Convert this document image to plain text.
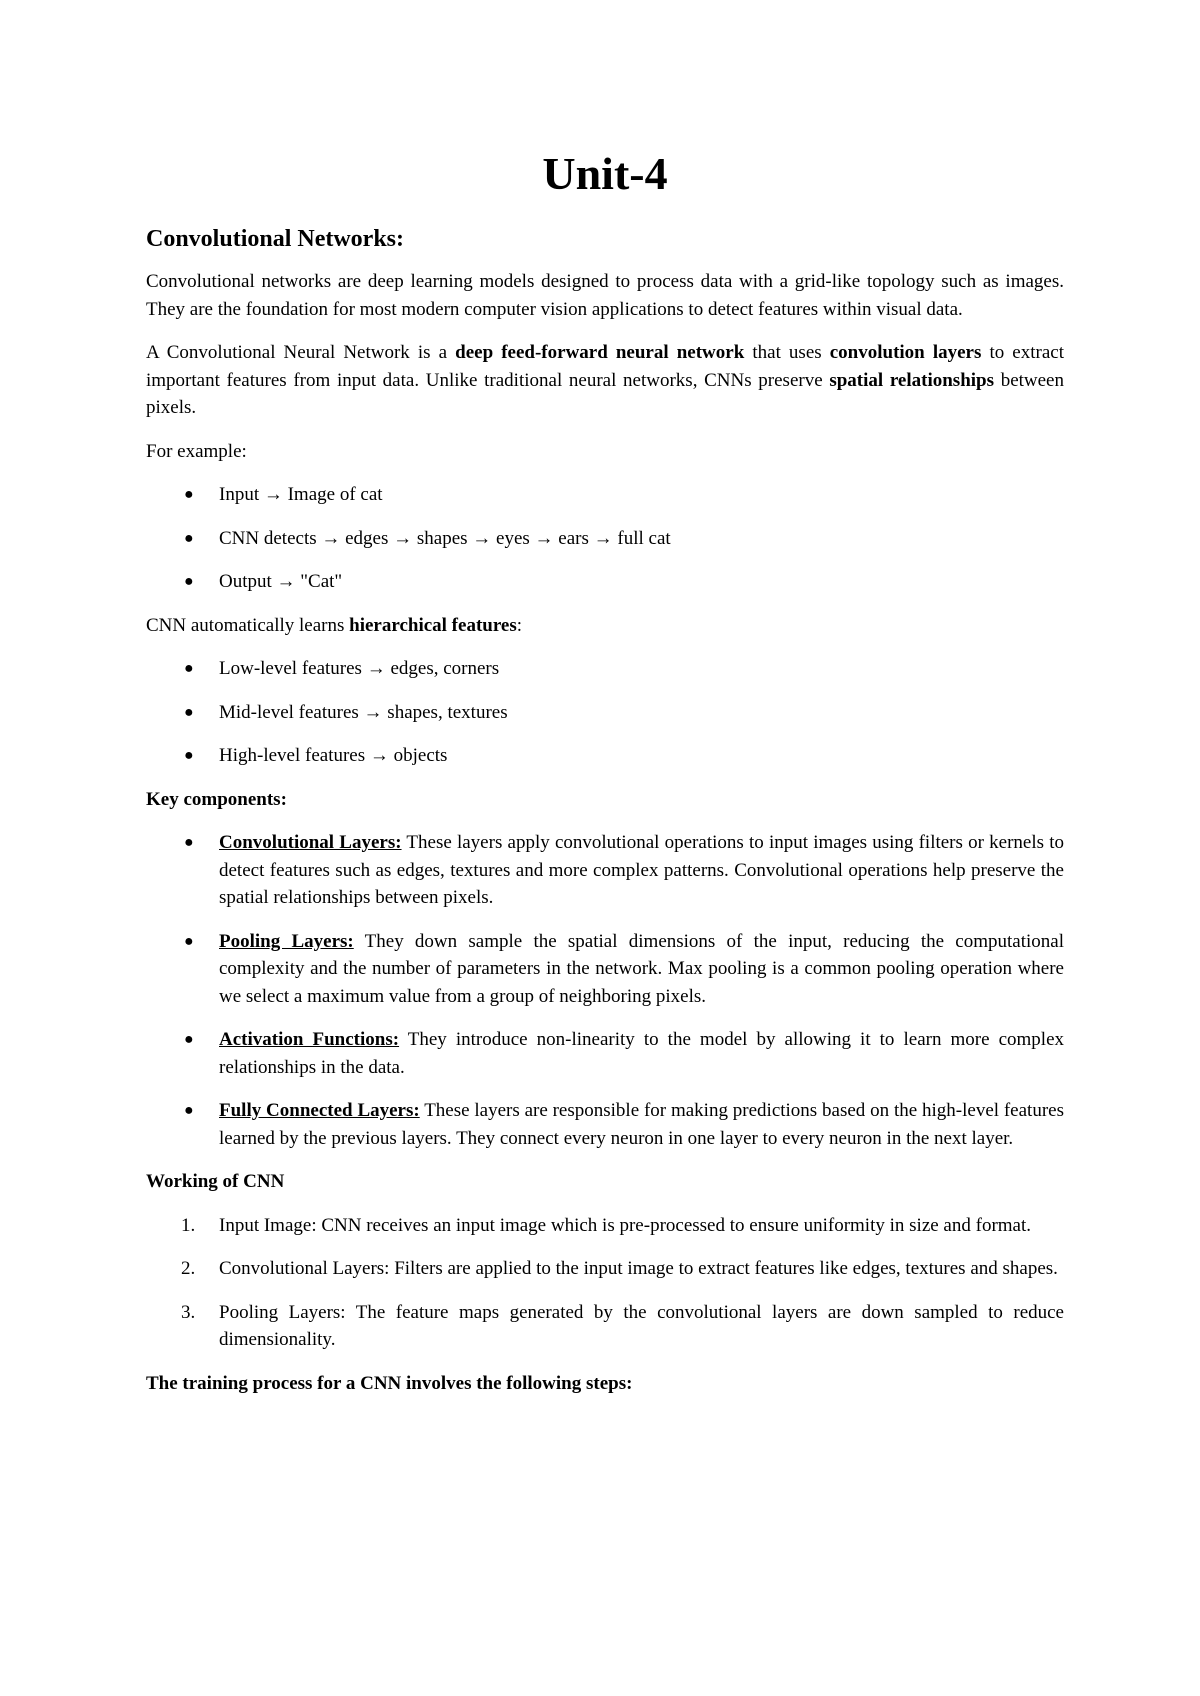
Unit-4
Convolutional Networks:

Convolutional networks are deep learning models designed to process data with a grid-like topology such as images. They are the foundation for most modern computer vision applications to detect features within visual data.

A Convolutional Neural Network is a deep feed-forward neural network that uses convolution layers to extract important features from input data. Unlike traditional neural networks, CNNs preserve spatial relationships between pixels.

For example:

● Input → Image of cat
● CNN detects → edges → shapes → eyes → ears → full cat
● Output → "Cat"

CNN automatically learns hierarchical features:

● Low-level features → edges, corners
● Mid-level features → shapes, textures
● High-level features → objects
Key components:
● Convolutional Layers: These layers apply convolutional operations to input images using filters or kernels to detect features such as edges, textures and more complex patterns. Convolutional operations help preserve the spatial relationships between pixels.
● Pooling Layers: They down sample the spatial dimensions of the input, reducing the computational complexity and the number of parameters in the network. Max pooling is a common pooling operation where we select a maximum value from a group of neighboring pixels.
● Activation Functions: They introduce non-linearity to the model by allowing it to learn more complex relationships in the data.
● Fully Connected Layers: These layers are responsible for making predictions based on the high-level features learned by the previous layers. They connect every neuron in one layer to every neuron in the next layer.
Working of CNN
1. Input Image: CNN receives an input image which is pre-processed to ensure uniformity in size and format.
2. Convolutional Layers: Filters are applied to the input image to extract features like edges, textures and shapes.
3. Pooling Layers: The feature maps generated by the convolutional layers are down sampled to reduce dimensionality.
The training process for a CNN involves the following steps:
